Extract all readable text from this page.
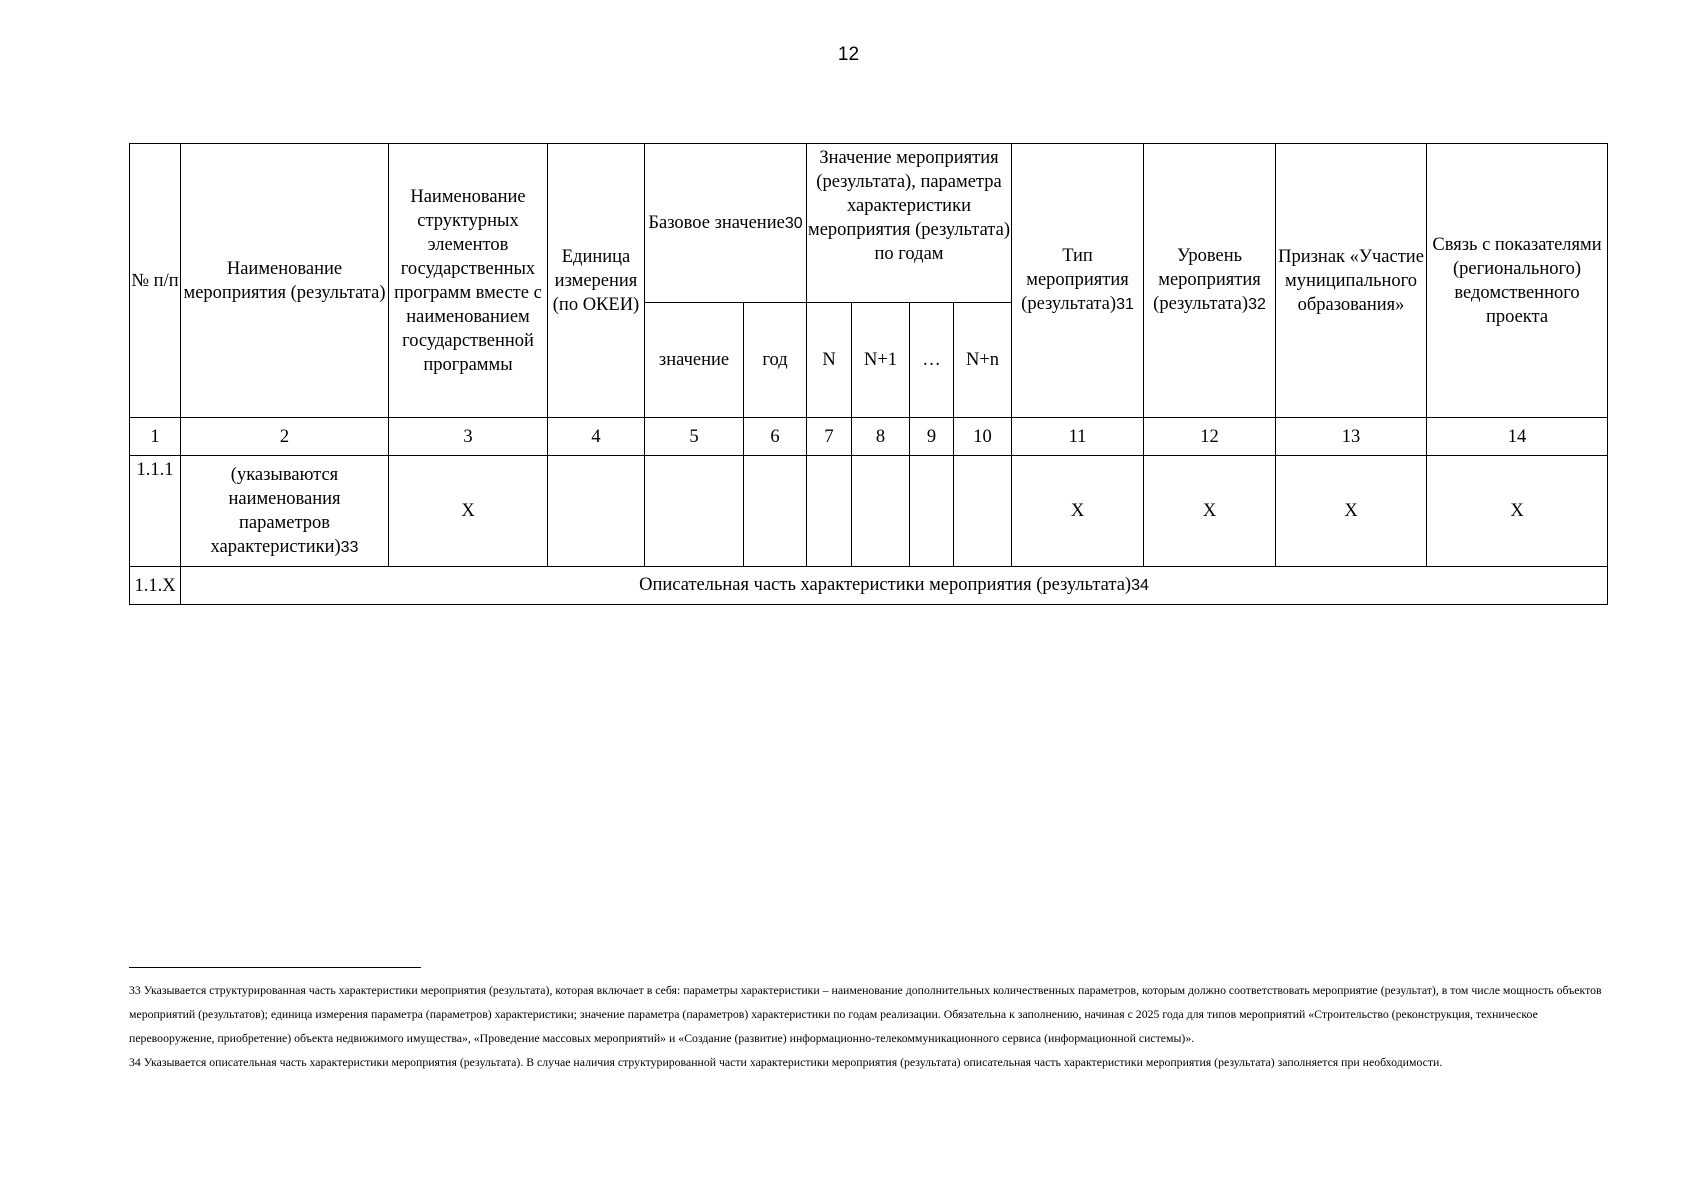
12
№ п/п	Наименование мероприятия (результата)	Наименование структурных элементов государственных программ вместе с наименованием государственной программы	Единица измерения (по ОКЕИ)	Базовое значение30		Значение мероприятия (результата), параметра характеристики мероприятия (результата) по годам				Тип мероприятия (результата)31	Уровень мероприятия (результата)32	Признак «Участие муниципального образования»	Связь с показателями (регионального) ведомственного проекта
				значение	год	N	N+1	…	N+n				
1	2	3	4	5	6	7	8	9	10	11	12	13	14
1.1.1	(указываются наименования параметров характеристики)33	X								X	X	X	X
1.1.X	Описательная часть характеристики мероприятия (результата)34												

33 Указывается структурированная часть характеристики мероприятия (результата), которая включает в себя: параметры характеристики – наименование дополнительных количественных параметров, которым должно соответствовать мероприятие (результат), в том числе мощность объектов мероприятий (результатов); единица измерения параметра (параметров) характеристики; значение параметра (параметров) характеристики по годам реализации. Обязательна к заполнению, начиная с 2025 года для типов мероприятий «Строительство (реконструкция, техническое перевооружение, приобретение) объекта недвижимого имущества», «Проведение массовых мероприятий» и «Создание (развитие) информационно-телекоммуникационного сервиса (информационной системы)».

34 Указывается описательная часть характеристики мероприятия (результата). В случае наличия структурированной части характеристики мероприятия (результата) описательная часть характеристики мероприятия (результата) заполняется при необходимости.
